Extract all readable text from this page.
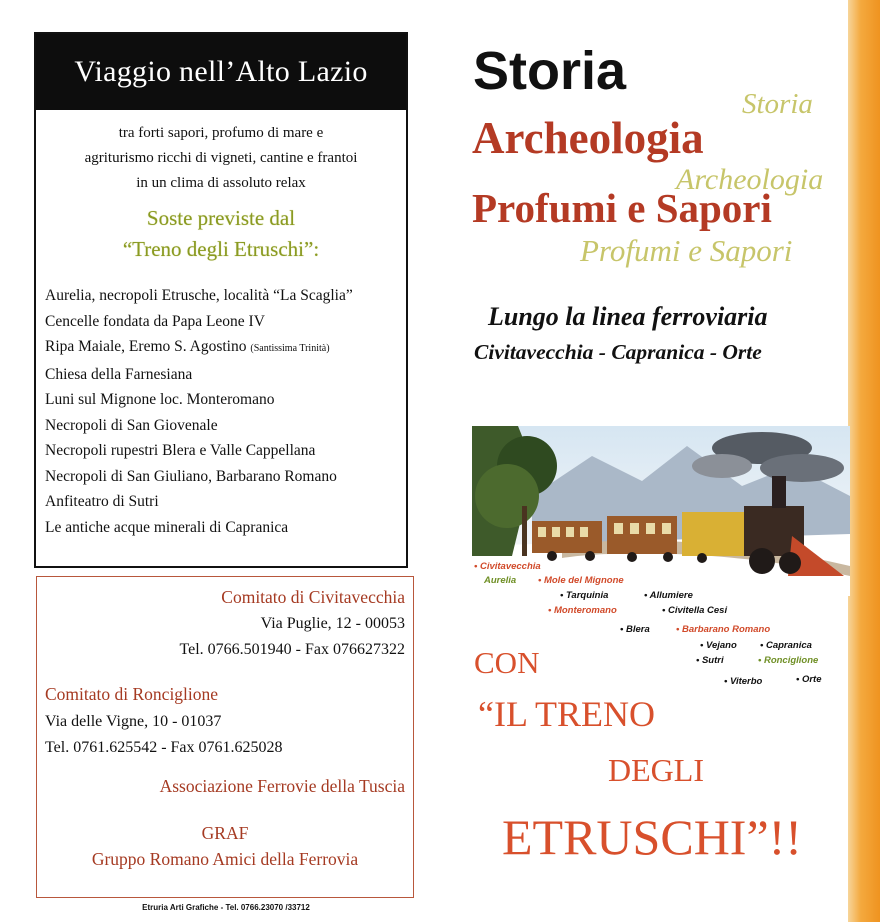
Viaggio nell’Alto Lazio
tra forti sapori, profumo di mare e
agriturismo ricchi di vigneti, cantine e frantoi
in un clima di assoluto relax
Soste previste dal
“Treno degli Etruschi”:
Aurelia, necropoli Etrusche, località “La Scaglia”
Cencelle fondata da Papa Leone IV
Ripa Maiale, Eremo S. Agostino (Santissima Trinità)
Chiesa della Farnesiana
Luni sul Mignone loc. Monteromano
Necropoli di San Giovenale
Necropoli rupestri Blera e Valle Cappellana
Necropoli di San Giuliano, Barbarano Romano
Anfiteatro di Sutri
Le antiche acque minerali di Capranica
Comitato di Civitavecchia
Via Puglie, 12 - 00053
Tel. 0766.501940 - Fax 076627322
Comitato di Ronciglione
Via delle Vigne, 10 - 01037
Tel. 0761.625542 - Fax 0761.625028
Associazione Ferrovie della Tuscia
GRAF
Gruppo Romano Amici della Ferrovia
Etruria Arti Grafiche - Tel. 0766.23070 /33712
Storia
Archeologia
Profumi e Sapori
Storia
Archeologia
Profumi e Sapori
Lungo la linea ferroviaria
Civitavecchia - Capranica - Orte
• Civitavecchia
Aurelia • Mole del Mignone
• Tarquinia	• Allumiere
• Monteromano	• Civitella Cesi
• Blera	• Barbarano Romano
• Vejano • Capranica
• Sutri	• Ronciglione
• Viterbo	• Orte
CON
“IL TRENO
DEGLI
ETRUSCHI”!!
